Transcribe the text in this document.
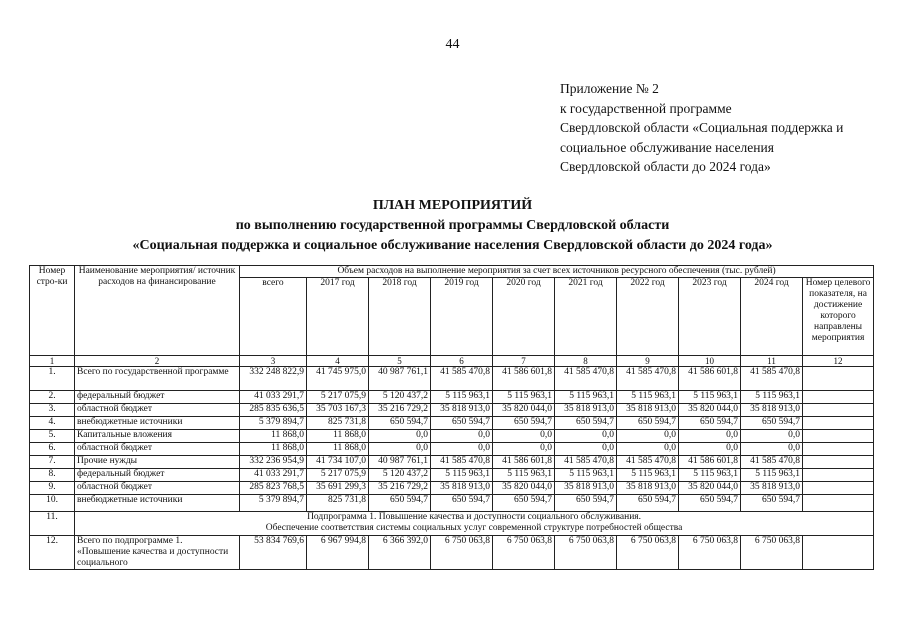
44
Приложение № 2
к государственной программе
Свердловской области «Социальная поддержка и
социальное обслуживание населения
Свердловской области до 2024 года»
ПЛАН МЕРОПРИЯТИЙ
по выполнению государственной программы Свердловской области
«Социальная поддержка и социальное обслуживание населения Свердловской области до 2024 года»
Номер стро-ки	Наименование мероприятия/ источник расходов на финансирование	Объем расходов на выполнение мероприятия за счет всех источников ресурсного обеспечения (тыс. рублей)									
		всего	2017 год	2018 год	2019 год	2020 год	2021 год	2022 год	2023 год	2024 год	Номер целевого показателя, на достижение которого направлены мероприятия
1	2	3	4	5	6	7	8	9	10	11	12
1.	Всего по государственной программе	332 248 822,9	41 745 975,0	40 987 761,1	41 585 470,8	41 586 601,8	41 585 470,8	41 585 470,8	41 586 601,8	41 585 470,8	
2.	федеральный бюджет	41 033 291,7	5 217 075,9	5 120 437,2	5 115 963,1	5 115 963,1	5 115 963,1	5 115 963,1	5 115 963,1	5 115 963,1	
3.	областной бюджет	285 835 636,5	35 703 167,3	35 216 729,2	35 818 913,0	35 820 044,0	35 818 913,0	35 818 913,0	35 820 044,0	35 818 913,0	
4.	внебюджетные источники	5 379 894,7	825 731,8	650 594,7	650 594,7	650 594,7	650 594,7	650 594,7	650 594,7	650 594,7	
5.	Капитальные вложения	11 868,0	11 868,0	0,0	0,0	0,0	0,0	0,0	0,0	0,0	
6.	областной бюджет	11 868,0	11 868,0	0,0	0,0	0,0	0,0	0,0	0,0	0,0	
7.	Прочие нужды	332 236 954,9	41 734 107,0	40 987 761,1	41 585 470,8	41 586 601,8	41 585 470,8	41 585 470,8	41 586 601,8	41 585 470,8	
8.	федеральный бюджет	41 033 291,7	5 217 075,9	5 120 437,2	5 115 963,1	5 115 963,1	5 115 963,1	5 115 963,1	5 115 963,1	5 115 963,1	
9.	областной бюджет	285 823 768,5	35 691 299,3	35 216 729,2	35 818 913,0	35 820 044,0	35 818 913,0	35 818 913,0	35 820 044,0	35 818 913,0	
10.	внебюджетные источники	5 379 894,7	825 731,8	650 594,7	650 594,7	650 594,7	650 594,7	650 594,7	650 594,7	650 594,7	
11.	Подпрограмма 1. Повышение качества и доступности социального обслуживания.
Обеспечение соответствия системы социальных услуг современной структуре потребностей общества										

12.	Всего по подпрограмме 1. «Повышение качества и доступности социального	53 834 769,6	6 967 994,8	6 366 392,0	6 750 063,8	6 750 063,8	6 750 063,8	6 750 063,8	6 750 063,8	6 750 063,8	
